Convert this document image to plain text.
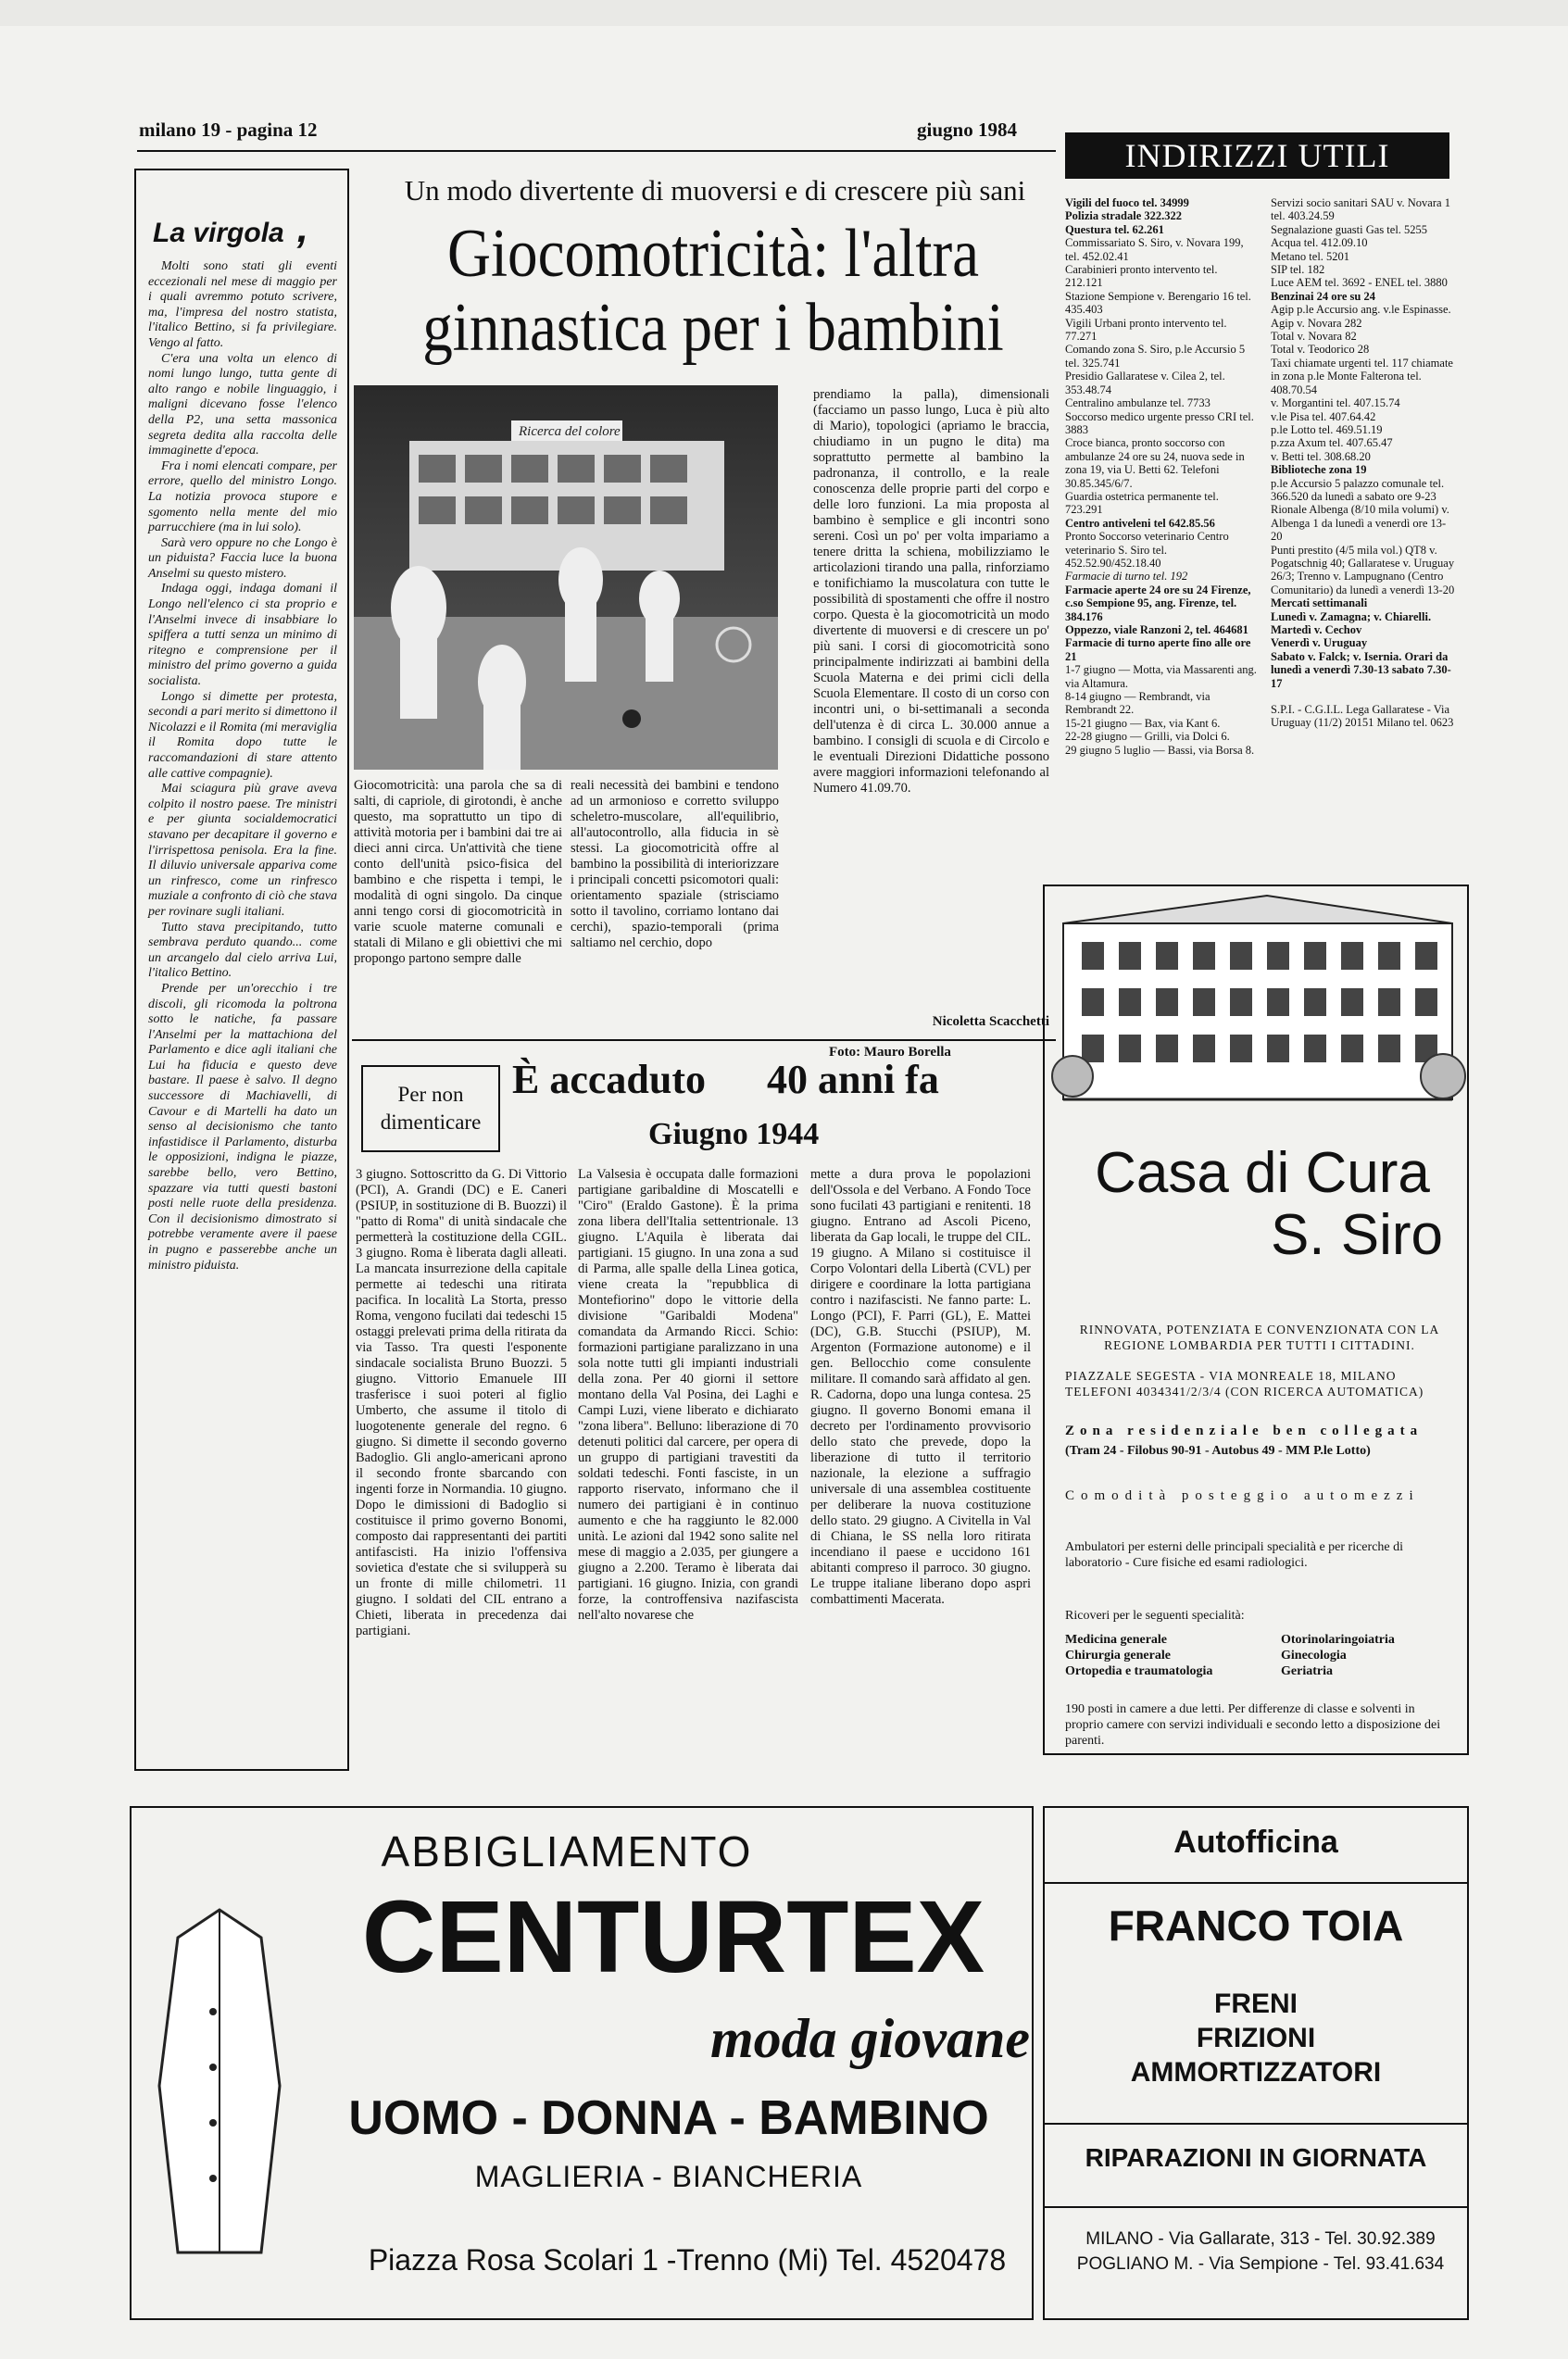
milano 19 - pagina 12	giugno 1984
INDIRIZZI UTILI
La virgola ,

Molti sono stati gli eventi eccezionali nel mese di maggio per i quali avremmo potuto scrivere, ma, l'impresa del nostro statista, l'italico Bettino, si fa privilegiare. Vengo al fatto.

C'era una volta un elenco di nomi lungo lungo, tutta gente di alto rango e nobile linguaggio, i maligni dicevano fosse l'elenco della P2, una setta massonica segreta dedita alla raccolta delle immaginette d'epoca.

Fra i nomi elencati compare, per errore, quello del ministro Longo. La notizia provoca stupore e sgomento nella mente del mio parrucchiere (ma in lui solo).

Sarà vero oppure no che Longo è un piduista? Faccia luce la buona Anselmi su questo mistero.

Indaga oggi, indaga domani il Longo nell'elenco ci sta proprio e l'Anselmi invece di insabbiare lo spiffera a tutti senza un minimo di ritegno e comprensione per il ministro del primo governo a guida socialista.

Longo si dimette per protesta, secondi a pari merito si dimettono il Nicolazzi e il Romita (mi meraviglia il Romita dopo tutte le raccomandazioni di stare attento alle cattive compagnie).

Mai sciagura più grave aveva colpito il nostro paese. Tre ministri e per giunta socialdemocratici stavano per decapitare il governo e l'irrispettosa penisola. Era la fine. Il diluvio universale appariva come un rinfresco, come un rinfresco muziale a confronto di ciò che stava per rovinare sugli italiani.

Tutto stava precipitando, tutto sembrava perduto quando... come un arcangelo dal cielo arriva Lui, l'italico Bettino.

Prende per un'orecchio i tre discoli, gli ricomoda la poltrona sotto le natiche, fa passare l'Anselmi per la mattachiona del Parlamento e dice agli italiani che Lui ha fiducia e questo deve bastare. Il paese è salvo. Il degno successore di Machiavelli, di Cavour e di Martelli ha dato un senso al decisionismo che tanto infastidisce il Parlamento, disturba le opposizioni, indigna le piazze, sarebbe bello, vero Bettino, spazzare via tutti questi bastoni posti nelle ruote della presidenza. Con il decisionismo dimostrato si potrebbe veramente avere il paese in pugno e passerebbe anche un ministro piduista.

Un modo divertente di muoversi e di crescere più sani
Giocomotricità: l'altra
ginnastica per i bambini
Ricerca del colore
Giocomotricità: una parola che sa di salti, di capriole, di girotondi, è anche questo, ma soprattutto un tipo di attività motoria per i bambini dai tre ai dieci anni circa. Un'attività che tiene conto dell'unità psico-fisica del bambino e che rispetta i tempi, le modalità di ogni singolo. Da cinque anni tengo corsi di giocomotricità in varie scuole materne comunali e statali di Milano e gli obiettivi che mi propongo partono sempre dalle
reali necessità dei bambini e tendono ad un armonioso e corretto sviluppo scheletro-muscolare, all'equilibrio, all'autocontrollo, alla fiducia in sè stessi. La giocomotricità offre al bambino la possibilità di interiorizzare i principali concetti psicomotori quali: orientamento spaziale (strisciamo sotto il tavolino, corriamo lontano dai cerchi), spazio-temporali (prima saltiamo nel cerchio, dopo
prendiamo la palla), dimensionali (facciamo un passo lungo, Luca è più alto di Mario), topologici (apriamo le braccia, chiudiamo in un pugno le dita) ma soprattutto permette al bambino la padronanza, il controllo, e la reale conoscenza delle proprie parti del corpo e delle loro funzioni. La mia proposta al bambino è semplice e gli incontri sono sereni. Così un po' per volta impariamo a tenere dritta la schiena, mobilizziamo le articolazioni tirando una palla, rinforziamo e tonifichiamo la muscolatura con tutte le possibilità di spostamenti che offre il nostro corpo. Questa è la giocomotricità un modo divertente di muoversi e di crescere un po' più sani. I corsi di giocomotricità sono principalmente indirizzati ai bambini della Scuola Materna e dei primi cicli della Scuola Elementare. Il costo di un corso con incontri uni, o bi-settimanali a seconda dell'utenza è di circa L. 30.000 annue a bambino. I consigli di scuola e di Circolo e le eventuali Direzioni Didattiche possono avere maggiori informazioni telefonando al Numero 41.09.70.
Nicoletta Scacchetti
Foto: Mauro Borella
Per non dimenticare
È accaduto 40 anni fa
Giugno 1944
3 giugno. Sottoscritto da G. Di Vittorio (PCI), A. Grandi (DC) e E. Caneri (PSIUP, in sostituzione di B. Buozzi) il "patto di Roma" di unità sindacale che permetterà la costituzione della CGIL. 3 giugno. Roma è liberata dagli alleati. La mancata insurrezione della capitale permette ai tedeschi una ritirata pacifica. In località La Storta, presso Roma, vengono fucilati dai tedeschi 15 ostaggi prelevati prima della ritirata da via Tasso. Tra questi l'esponente sindacale socialista Bruno Buozzi. 5 giugno. Vittorio Emanuele III trasferisce i suoi poteri al figlio Umberto, che assume il titolo di luogotenente generale del regno. 6 giugno. Si dimette il secondo governo Badoglio. Gli anglo-americani aprono il secondo fronte sbarcando con ingenti forze in Normandia. 10 giugno. Dopo le dimissioni di Badoglio si costituisce il primo governo Bonomi, composto dai rappresentanti dei partiti antifascisti. Ha inizio l'offensiva sovietica d'estate che si svilupperà su un fronte di mille chilometri. 11 giugno. I soldati del CIL entrano a Chieti, liberata in precedenza dai partigiani.
La Valsesia è occupata dalle formazioni partigiane garibaldine di Moscatelli e "Ciro" (Eraldo Gastone). È la prima zona libera dell'Italia settentrionale. 13 giugno. L'Aquila è liberata dai partigiani. 15 giugno. In una zona a sud di Parma, alle spalle della Linea gotica, viene creata la "repubblica di Montefiorino" dopo le vittorie della divisione "Garibaldi Modena" comandata da Armando Ricci. Schio: formazioni partigiane paralizzano in una sola notte tutti gli impianti industriali della zona. Per 40 giorni il settore montano della Val Posina, dei Laghi e Campi Luzi, viene liberato e dichiarato "zona libera". Belluno: liberazione di 70 detenuti politici dal carcere, per opera di un gruppo di partigiani travestiti da soldati tedeschi. Fonti fasciste, in un rapporto riservato, informano che il numero dei partigiani è in continuo aumento e che ha raggiunto le 82.000 unità. Le azioni dal 1942 sono salite nel mese di maggio a 2.035, per giungere a giugno a 2.200. Teramo è liberata dai partigiani. 16 giugno. Inizia, con grandi forze, la controffensiva nazifascista nell'alto novarese che
mette a dura prova le popolazioni dell'Ossola e del Verbano. A Fondo Toce sono fucilati 43 partigiani e renitenti. 18 giugno. Entrano ad Ascoli Piceno, liberata da Gap locali, le truppe del CIL. 19 giugno. A Milano si costituisce il Corpo Volontari della Libertà (CVL) per dirigere e coordinare la lotta partigiana contro i nazifascisti. Ne fanno parte: L. Longo (PCI), F. Parri (GL), E. Mattei (DC), G.B. Stucchi (PSIUP), M. Argenton (Formazione autonome) e il gen. Bellocchio come consulente militare. Il comando sarà affidato al gen. R. Cadorna, dopo una lunga contesa. 25 giugno. Il governo Bonomi emana il decreto per l'ordinamento provvisorio dello stato che prevede, dopo la liberazione di tutto il territorio nazionale, la elezione a suffragio universale di una assemblea costituente per deliberare la nuova costituzione dello stato. 29 giugno. A Civitella in Val di Chiana, le SS nella loro ritirata incendiano il paese e uccidono 161 abitanti compreso il parroco. 30 giugno. Le truppe italiane liberano dopo aspri combattimenti Macerata.
Vigili del fuoco tel. 34999
Polizia stradale 322.322
Questura tel. 62.261
Commissariato S. Siro, v. Novara 199, tel. 452.02.41
Carabinieri pronto intervento tel. 212.121
Stazione Sempione v. Berengario 16 tel. 435.403
Vigili Urbani pronto intervento tel. 77.271
Comando zona S. Siro, p.le Accursio 5 tel. 325.741
Presidio Gallaratese v. Cilea 2, tel. 353.48.74
Centralino ambulanze tel. 7733
Soccorso medico urgente presso CRI tel. 3883
Croce bianca, pronto soccorso con ambulanze 24 ore su 24, nuova sede in zona 19, via U. Betti 62. Telefoni 30.85.345/6/7.
Guardia ostetrica permanente tel. 723.291
Centro antiveleni tel 642.85.56
Pronto Soccorso veterinario Centro veterinario S. Siro tel. 452.52.90/452.18.40
Farmacie di turno tel. 192
Farmacie aperte 24 ore su 24 Firenze, c.so Sempione 95, ang. Firenze, tel. 384.176
Oppezzo, viale Ranzoni 2, tel. 464681
Farmacie di turno aperte fino alle ore 21
1-7 giugno — Motta, via Massarenti ang. via Altamura.
8-14 giugno — Rembrandt, via Rembrandt 22.
15-21 giugno — Bax, via Kant 6.
22-28 giugno — Grilli, via Dolci 6.
29 giugno 5 luglio — Bassi, via Borsa 8.
Servizi socio sanitari SAU v. Novara 1 tel. 403.24.59
Segnalazione guasti Gas tel. 5255
Acqua tel. 412.09.10
Metano tel. 5201
SIP tel. 182
Luce AEM tel. 3692 - ENEL tel. 3880
Benzinai 24 ore su 24
Agip p.le Accursio ang. v.le Espinasse.
Agip v. Novara 282
Total v. Novara 82
Total v. Teodorico 28
Taxi chiamate urgenti tel. 117 chiamate in zona p.le Monte Falterona tel. 408.70.54
v. Morgantini tel. 407.15.74
v.le Pisa tel. 407.64.42
p.le Lotto tel. 469.51.19
p.zza Axum tel. 407.65.47
v. Betti tel. 308.68.20
Biblioteche zona 19
p.le Accursio 5 palazzo comunale tel. 366.520 da lunedì a sabato ore 9-23
Rionale Albenga (8/10 mila volumi) v. Albenga 1 da lunedì a venerdì ore 13-20
Punti prestito (4/5 mila vol.) QT8 v. Pogatschnig 40; Gallaratese v. Uruguay 26/3; Trenno v. Lampugnano (Centro Comunitario) da lunedì a venerdì 13-20
Mercati settimanali
Lunedì v. Zamagna; v. Chiarelli.
Martedì v. Cechov
Venerdì v. Uruguay
Sabato v. Falck; v. Isernia. Orari da lunedì a venerdì 7.30-13 sabato 7.30-17
S.P.I. - C.G.I.L. Lega Gallaratese - Via Uruguay (11/2) 20151 Milano tel. 0623
Casa di Cura
S. Siro
RINNOVATA, POTENZIATA E CONVENZIONATA CON LA REGIONE LOMBARDIA PER TUTTI I CITTADINI.
PIAZZALE SEGESTA - VIA MONREALE 18, MILANO TELEFONI 4034341/2/3/4 (CON RICERCA AUTOMATICA)
Zona residenziale ben collegata
(Tram 24 - Filobus 90-91 - Autobus 49 - MM P.le Lotto)
Comodità posteggio automezzi
Ambulatori per esterni delle principali specialità e per ricerche di laboratorio - Cure fisiche ed esami radiologici.
Ricoveri per le seguenti specialità:
Medicina generale
Chirurgia generale
Ortopedia e traumatologia
Otorinolaringoiatria
Ginecologia
Geriatria
190 posti in camere a due letti. Per differenze di classe e solventi in proprio camere con servizi individuali e secondo letto a disposizione dei parenti.
ABBIGLIAMENTO
CENTURTEX
moda giovane
UOMO - DONNA - BAMBINO
MAGLIERIA - BIANCHERIA
Piazza Rosa Scolari 1 -Trenno (Mi) Tel. 4520478
Autofficina
FRANCO TOIA
FRENI
FRIZIONI
AMMORTIZZATORI
RIPARAZIONI IN GIORNATA
MILANO - Via Gallarate, 313 - Tel. 30.92.389
POGLIANO M. - Via Sempione - Tel. 93.41.634
